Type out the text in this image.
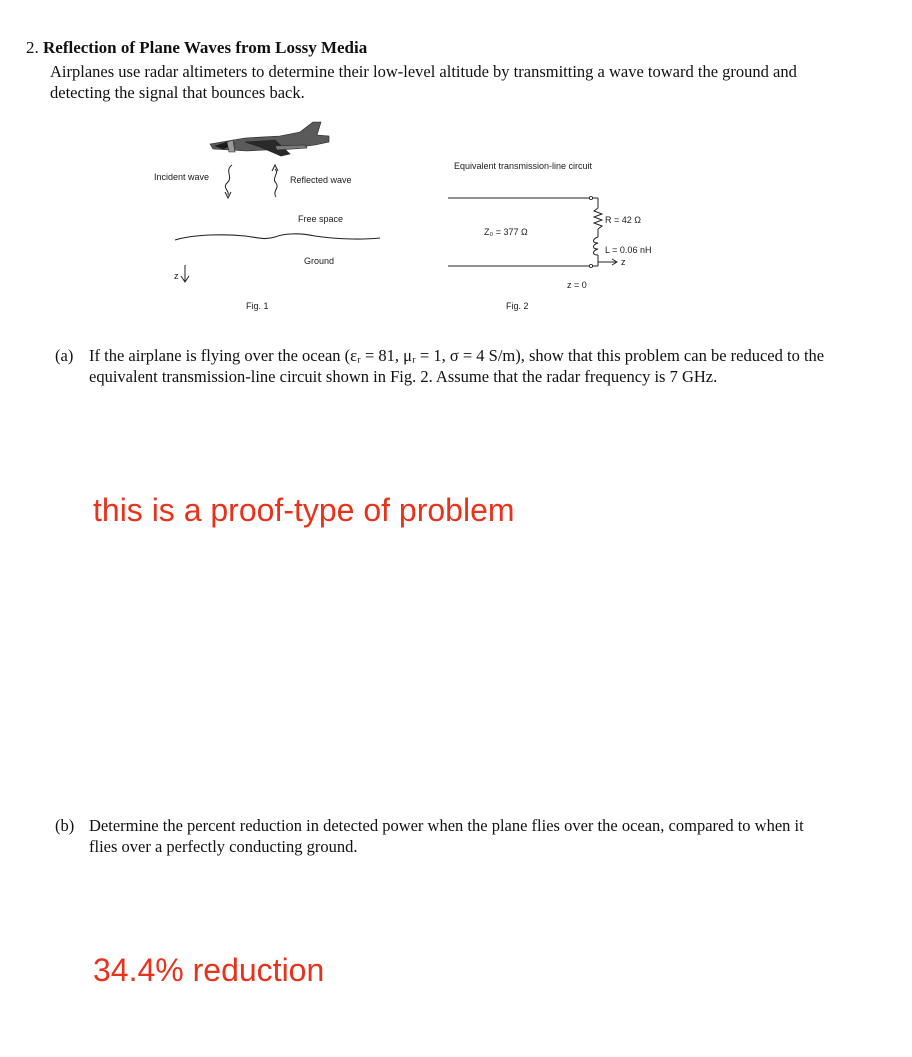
2. Reflection of Plane Waves from Lossy Media
Airplanes use radar altimeters to determine their low-level altitude by transmitting a wave toward the ground and detecting the signal that bounces back.
Incident wave	Reflected wave
Free space
Ground
z
Fig. 1
Equivalent transmission-line circuit
Z₀ = 377 Ω
R = 42 Ω
L = 0.06 nH
z
z = 0
Fig. 2
(a) If the airplane is flying over the ocean (εᵣ = 81, μᵣ = 1, σ = 4 S/m), show that this problem can be reduced to the equivalent transmission-line circuit shown in Fig. 2. Assume that the radar frequency is 7 GHz.
this is a proof-type of problem
(b) Determine the percent reduction in detected power when the plane flies over the ocean, compared to when it flies over a perfectly conducting ground.
34.4% reduction
